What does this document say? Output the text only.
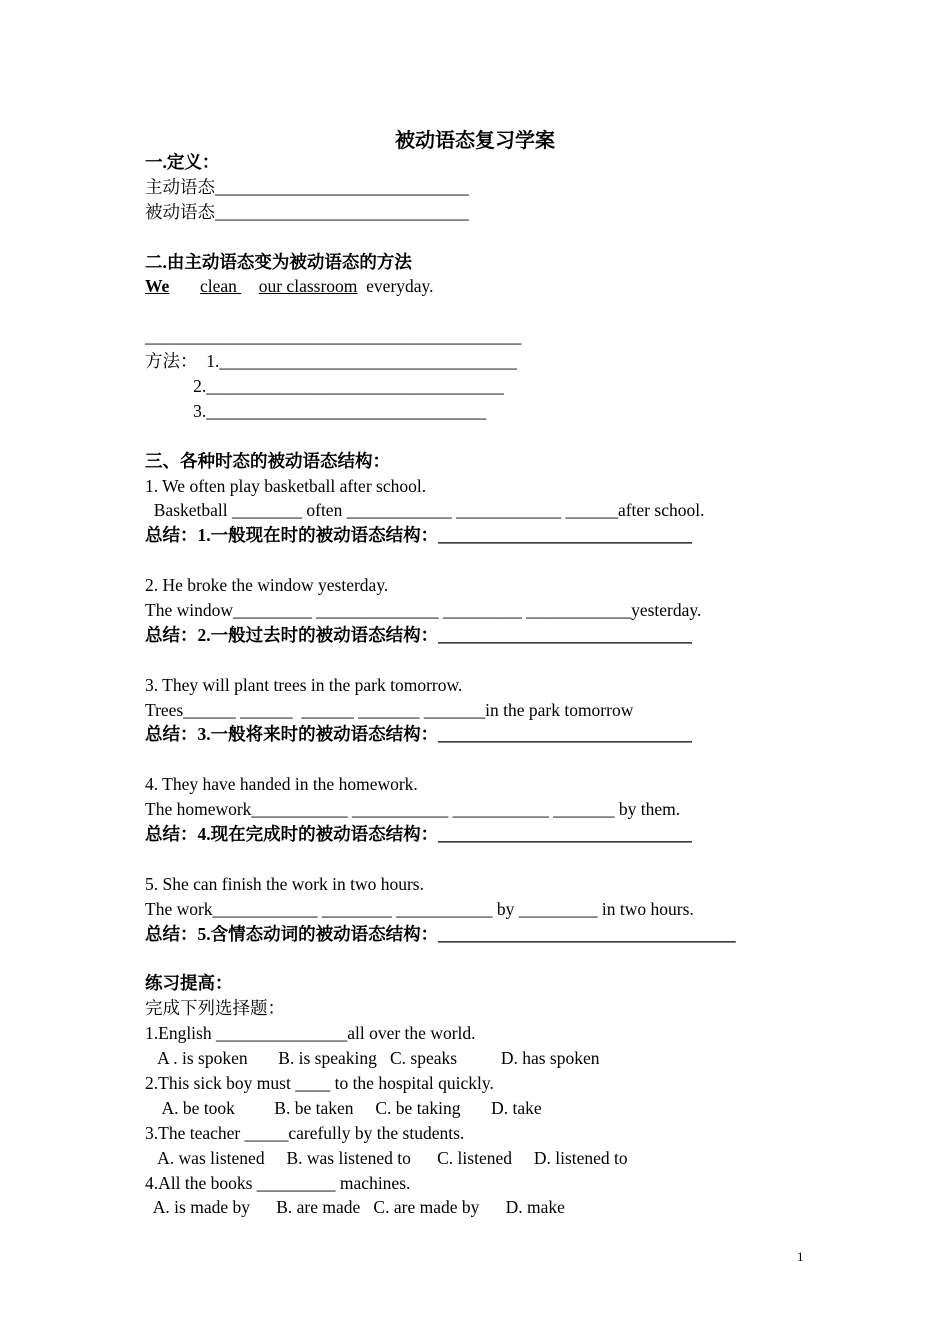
被动语态复习学案
一.定义：
主动语态_____________________________
被动语态_____________________________
二.由主动语态变为被动语态的方法
We clean     our classroom  everyday.
___________________________________________
方法：  1.__________________________________
2.__________________________________
3.________________________________
三、各种时态的被动语态结构：
1. We often play basketball after school.
Basketball ________ often ____________ ____________ ______after school.
总结：1.一般现在时的被动语态结构：_____________________________
2. He broke the window yesterday.
The window_________ ______________ _________ ____________yesterday.
总结：2.一般过去时的被动语态结构：_____________________________
3. They will plant trees in the park tomorrow.
Trees______ ______  ______ _______ _______in the park tomorrow
总结：3.一般将来时的被动语态结构：_____________________________
4. They have handed in the homework.
The homework___________ ___________ ___________ _______ by them.
总结：4.现在完成时的被动语态结构：_____________________________
5. She can finish the work in two hours.
The work____________ ________ ___________ by _________ in two hours.
总结：5.含情态动词的被动语态结构：__________________________________
练习提高：
完成下列选择题：
1.English _______________all over the world.
A . is spoken       B. is speaking   C. speaks          D. has spoken
2.This sick boy must ____ to the hospital quickly.
A. be took         B. be taken     C. be taking       D. take
3.The teacher _____carefully by the students.
A. was listened     B. was listened to      C. listened     D. listened to
4.All the books _________ machines.
A. is made by      B. are made   C. are made by      D. make
1
